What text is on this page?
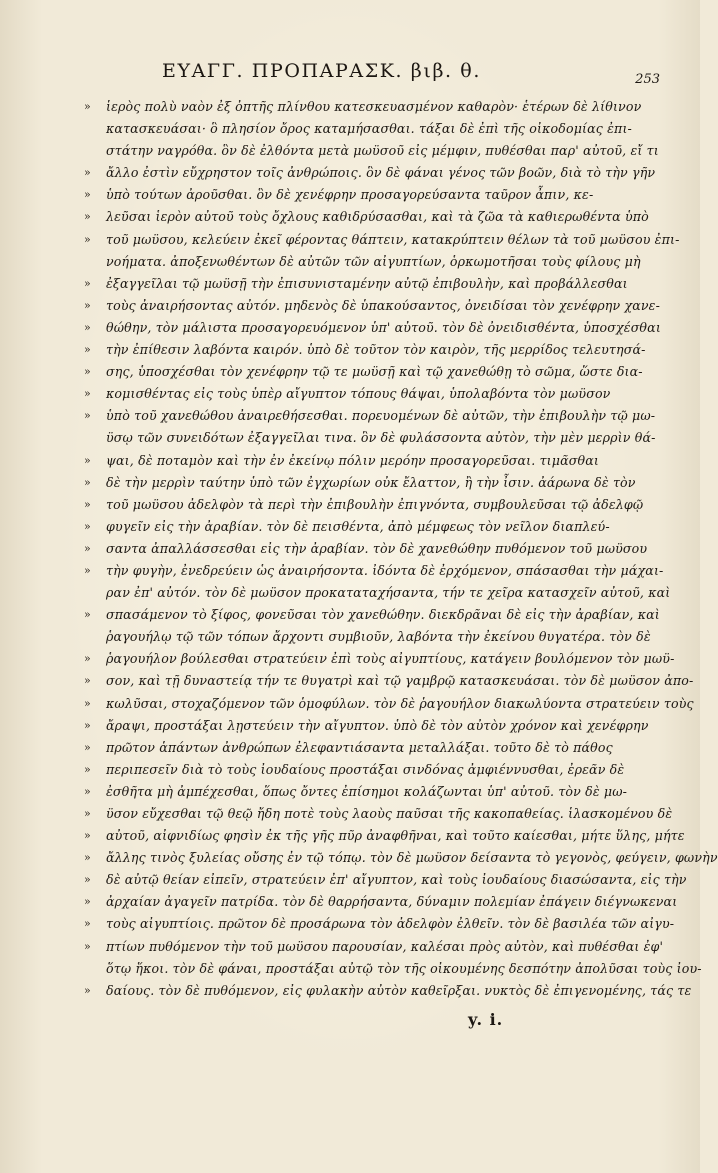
ΕΥΑΓΓ. ΠΡΟΠΑΡΑΣΚ. βιβ. θ.	253
»	ἱερὸς πολὺ ναὸν ἐξ ὀπτῆς πλίνθου κατεσκευασμένον καθαρὸν· ἑτέρων δὲ λίθινον
κατασκευάσαι· ὃ πλησίον ὄρος καταμήσασθαι. τάξαι δὲ ἐπὶ τῆς οἰκοδομίας ἐπι-
στάτην ναγρόθα. ὃν δὲ ἐλθόντα μετὰ μωϋσοῦ εἰς μέμφιν, πυθέσθαι παρ' αὐτοῦ, εἴ τι
»	ἄλλο ἐστὶν εὔχρηστον τοῖς ἀνθρώποις. ὃν δὲ φάναι γένος τῶν βοῶν, διὰ τὸ τὴν γῆν
»	ὑπὸ τούτων ἀροῦσθαι. ὃν δὲ χενέφρην προσαγορεύσαντα ταῦρον ἆπιν, κε-
»	λεῦσαι ἱερὸν αὐτοῦ τοὺς ὄχλους καθιδρύσασθαι, καὶ τὰ ζῶα τὰ καθιερωθέντα ὑπὸ
»	τοῦ μωϋσου, κελεύειν ἐκεῖ φέροντας θάπτειν, κατακρύπτειν θέλων τὰ τοῦ μωϋσου ἐπι-
νοήματα. ἀποξενωθέντων δὲ αὐτῶν τῶν αἰγυπτίων, ὁρκωμοτῆσαι τοὺς φίλους μὴ
»	ἐξαγγεῖλαι τῷ μωϋσῇ τὴν ἐπισυνισταμένην αὐτῷ ἐπιβουλὴν, καὶ προβάλλεσθαι
»	τοὺς ἀναιρήσοντας αὐτόν. μηδενὸς δὲ ὑπακούσαντος, ὀνειδίσαι τὸν χενέφρην χανε-
»	θώθην, τὸν μάλιστα προσαγορευόμενον ὑπ' αὐτοῦ. τὸν δὲ ὀνειδισθέντα, ὑποσχέσθαι
»	τὴν ἐπίθεσιν λαβόντα καιρόν. ὑπὸ δὲ τοῦτον τὸν καιρὸν, τῆς μερρίδος τελευτησά-
»	σης, ὑποσχέσθαι τὸν χενέφρην τῷ τε μωϋσῇ καὶ τῷ χανεθώθῃ τὸ σῶμα, ὥστε δια-
»	κομισθέντας εἰς τοὺς ὑπὲρ αἴγυπτον τόπους θάψαι, ὑπολαβόντα τὸν μωϋσον
»	ὑπὸ τοῦ χανεθώθου ἀναιρεθήσεσθαι. πορευομένων δὲ αὐτῶν, τὴν ἐπιβουλὴν τῷ μω-
ϋσῳ τῶν συνειδότων ἐξαγγεῖλαι τινα. ὃν δὲ φυλάσσοντα αὐτὸν, τὴν μὲν μερρὶν θά-
»	ψαι, δὲ ποταμὸν καὶ τὴν ἐν ἐκείνῳ πόλιν μερόην προσαγορεῦσαι. τιμᾶσθαι
»	δὲ τὴν μερρὶν ταύτην ὑπὸ τῶν ἐγχωρίων οὐκ ἔλαττον, ἢ τὴν ἶσιν. ἀάρωνα δὲ τὸν
»	τοῦ μωϋσου ἀδελφὸν τὰ περὶ τὴν ἐπιβουλὴν ἐπιγνόντα, συμβουλεῦσαι τῷ ἀδελφῷ
»	φυγεῖν εἰς τὴν ἀραβίαν. τὸν δὲ πεισθέντα, ἀπὸ μέμφεως τὸν νεῖλον διαπλεύ-
»	σαντα ἀπαλλάσσεσθαι εἰς τὴν ἀραβίαν. τὸν δὲ χανεθώθην πυθόμενον τοῦ μωϋσου
»	τὴν φυγὴν, ἐνεδρεύειν ὡς ἀναιρήσοντα. ἰδόντα δὲ ἐρχόμενον, σπάσασθαι τὴν μάχαι-
ραν ἐπ' αὐτόν. τὸν δὲ μωϋσον προκαταταχήσαντα, τήν τε χεῖρα κατασχεῖν αὐτοῦ, καὶ
»	σπασάμενον τὸ ξίφος, φονεῦσαι τὸν χανεθώθην. διεκδρᾶναι δὲ εἰς τὴν ἀραβίαν, καὶ
ῥαγουήλῳ τῷ τῶν τόπων ἄρχοντι συμβιοῦν, λαβόντα τὴν ἐκείνου θυγατέρα. τὸν δὲ
»	ῥαγουήλον βούλεσθαι στρατεύειν ἐπὶ τοὺς αἰγυπτίους, κατάγειν βουλόμενον τὸν μωϋ-
»	σον, καὶ τῇ δυναστείᾳ τήν τε θυγατρὶ καὶ τῷ γαμβρῷ κατασκευάσαι. τὸν δὲ μωϋσον ἀπο-
»	κωλῦσαι, στοχαζόμενον τῶν ὁμοφύλων. τὸν δὲ ῥαγουήλον διακωλύοντα στρατεύειν τοὺς
»	ἄραψι, προστάξαι λῃστεύειν τὴν αἴγυπτον. ὑπὸ δὲ τὸν αὐτὸν χρόνον καὶ χενέφρην
»	πρῶτον ἁπάντων ἀνθρώπων ἐλεφαντιάσαντα μεταλλάξαι. τοῦτο δὲ τὸ πάθος
»	περιπεσεῖν διὰ τὸ τοὺς ἰουδαίους προστάξαι σινδόνας ἀμφιέννυσθαι, ἐρεᾶν δὲ
»	ἐσθῆτα μὴ ἀμπέχεσθαι, ὅπως ὄντες ἐπίσημοι κολάζωνται ὑπ' αὐτοῦ. τὸν δὲ μω-
»	ϋσον εὔχεσθαι τῷ θεῷ ἤδη ποτὲ τοὺς λαοὺς παῦσαι τῆς κακοπαθείας. ἱλασκομένου δὲ
»	αὐτοῦ, αἰφνιδίως φησὶν ἐκ τῆς γῆς πῦρ ἀναφθῆναι, καὶ τοῦτο καίεσθαι, μήτε ὕλης, μήτε
»	ἄλλης τινὸς ξυλείας οὔσης ἐν τῷ τόπῳ. τὸν δὲ μωϋσον δείσαντα τὸ γεγονὸς, φεύγειν, φωνὴν
»	δὲ αὐτῷ θείαν εἰπεῖν, στρατεύειν ἐπ' αἴγυπτον, καὶ τοὺς ἰουδαίους διασώσαντα, εἰς τὴν
»	ἀρχαίαν ἀγαγεῖν πατρίδα. τὸν δὲ θαρρήσαντα, δύναμιν πολεμίαν ἐπάγειν διέγνωκεναι
»	τοὺς αἰγυπτίοις. πρῶτον δὲ προσάρωνα τὸν ἀδελφὸν ἐλθεῖν. τὸν δὲ βασιλέα τῶν αἰγυ-
»	πτίων πυθόμενον τὴν τοῦ μωϋσου παρουσίαν, καλέσαι πρὸς αὐτὸν, καὶ πυθέσθαι ἐφ'
ὅτῳ ἥκοι. τὸν δὲ φάναι, προστάξαι αὐτῷ τὸν τῆς οἰκουμένης δεσπότην ἀπολῦσαι τοὺς ἰου-
»	δαίους. τὸν δὲ πυθόμενον, εἰς φυλακὴν αὐτὸν καθεῖρξαι. νυκτὸς δὲ ἐπιγενομένης, τάς τε
y. i.
